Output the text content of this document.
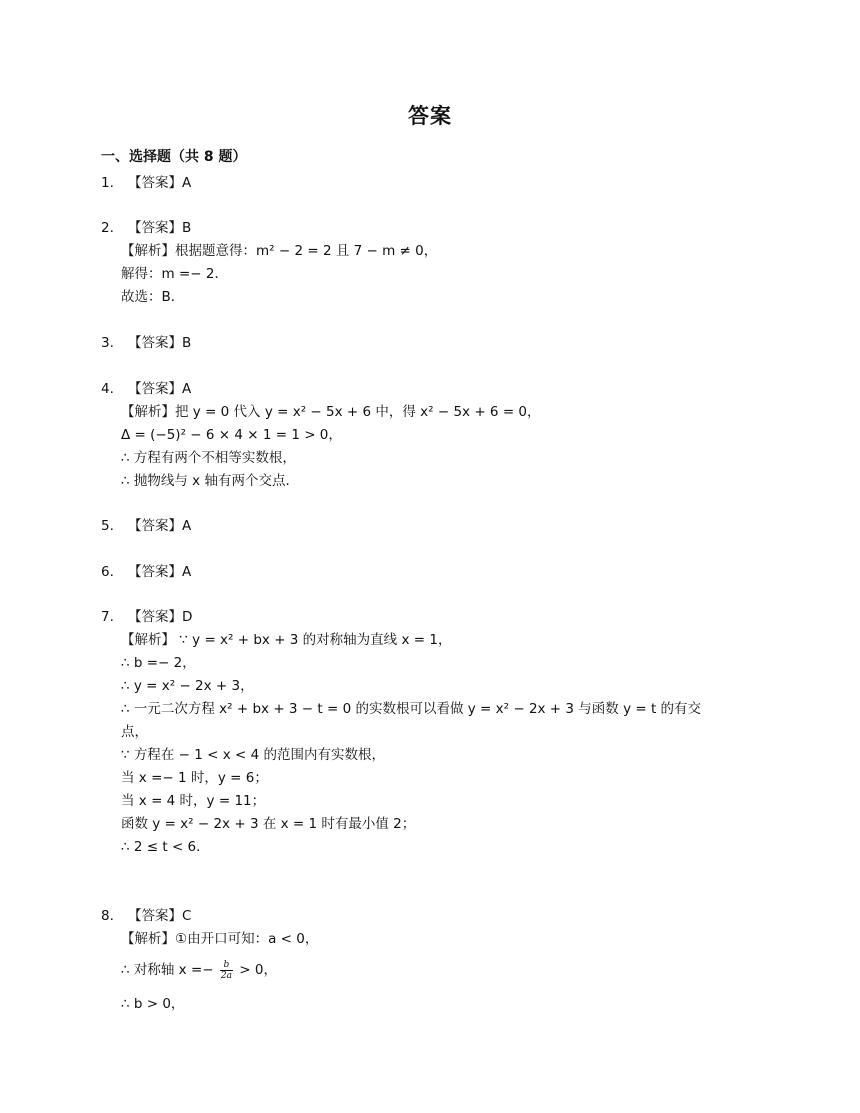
答案
一、选择题（共 8 题）
1. 【答案】A
2. 【答案】B
【解析】根据题意得：m² − 2 = 2 且 7 − m ≠ 0，
解得：m =− 2．
故选：B．
3. 【答案】B
4. 【答案】A
【解析】把 y = 0 代入 y = x² − 5x + 6 中，得 x² − 5x + 6 = 0，
Δ = (−5)² − 6 × 4 × 1 = 1 > 0，
∴ 方程有两个不相等实数根，
∴ 抛物线与 x 轴有两个交点．
5. 【答案】A
6. 【答案】A
7. 【答案】D
【解析】 ∵ y = x² + bx + 3 的对称轴为直线 x = 1，
∴ b =− 2，
∴ y = x² − 2x + 3，
∴ 一元二次方程 x² + bx + 3 − t = 0 的实数根可以看做 y = x² − 2x + 3 与函数 y = t 的有交
点，
∵ 方程在 − 1 < x < 4 的范围内有实数根，
当 x =− 1 时，y = 6；
当 x = 4 时，y = 11；
函数 y = x² − 2x + 3 在 x = 1 时有最小值 2；
∴ 2 ≤ t < 6．
8. 【答案】C
【解析】①由开口可知：a < 0，
∴ 对称轴 $x =- \frac{b}{2a} > 0$，
∴ b > 0，
